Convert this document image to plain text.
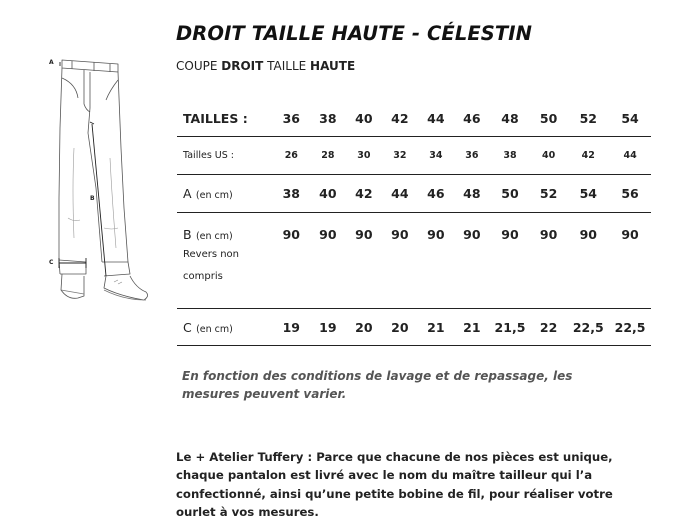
A
B
C
DROIT TAILLE HAUTE - CÉLESTIN
COUPE DROIT TAILLE HAUTE
TAILLES :	36	38	40	42	44	46	48	50	52	54
Tailles US :	26	28	30	32	34	36	38	40	42	44
A (en cm)	38	40	42	44	46	48	50	52	54	56
B (en cm)
Revers non compris	90	90	90	90	90	90	90	90	90	90
C (en cm)	19	19	20	20	21	21	21,5	22	22,5	22,5

En fonction des conditions de lavage et de repassage, les mesures peuvent varier.

Le + Atelier Tuffery : Parce que chacune de nos pièces est unique, chaque pantalon est livré avec le nom du maître tailleur qui l’a confectionné, ainsi qu’une petite bobine de fil, pour réaliser votre ourlet à vos mesures.
